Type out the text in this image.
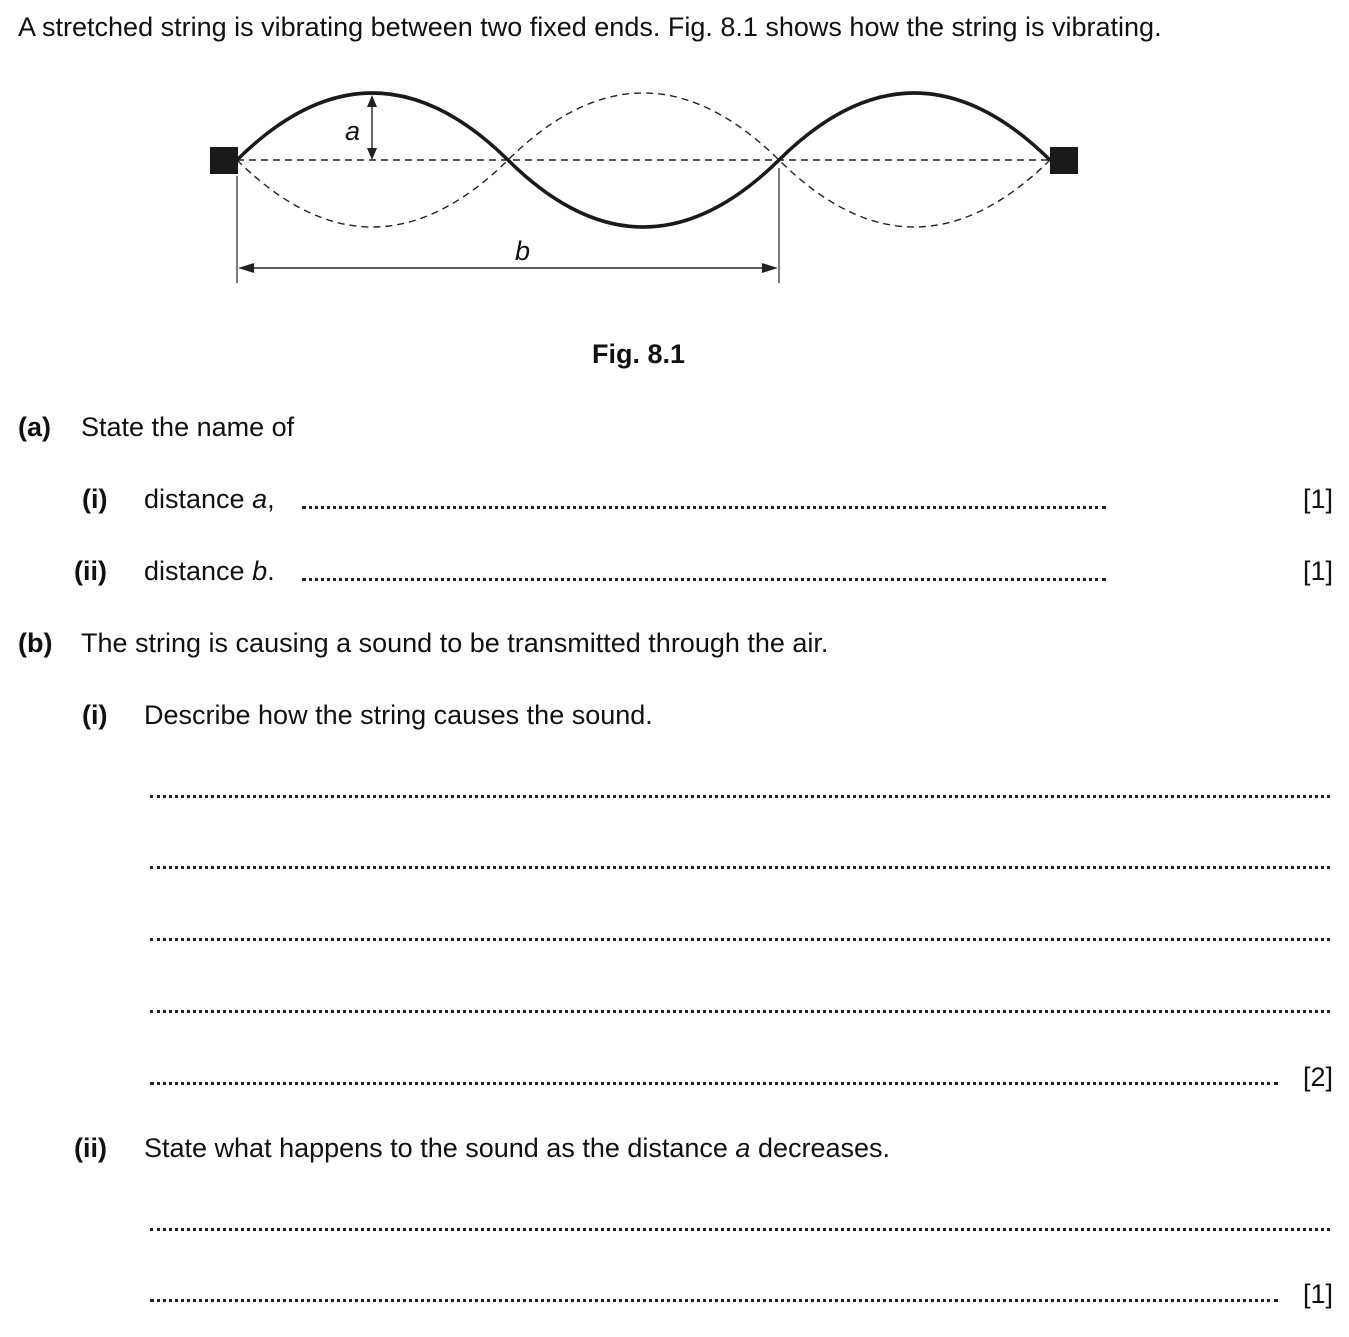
A stretched string is vibrating between two fixed ends. Fig. 8.1 shows how the string is vibrating.
a
b
Fig. 8.1
(a) State the name of
(i) distance a,	[1]
(ii) distance b.	[1]
(b) The string is causing a sound to be transmitted through the air.
(i) Describe how the string causes the sound.
[2]
(ii) State what happens to the sound as the distance a decreases.
[1]
